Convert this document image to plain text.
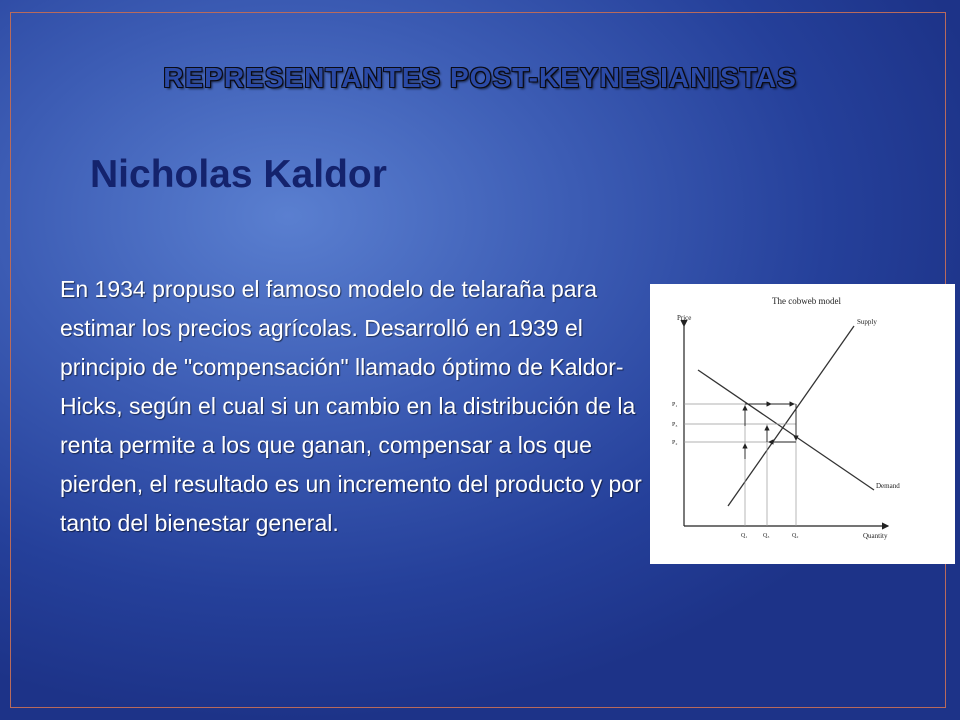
REPRESENTANTES POST-KEYNESIANISTAS
Nicholas Kaldor

En 1934 propuso el famoso modelo de telaraña para estimar los precios agrícolas. Desarrolló en 1939 el principio de "compensación" llamado óptimo de Kaldor-Hicks, según el cual si un cambio en la distribución de la renta permite a los que ganan, compensar a los que pierden, el resultado es un incremento del producto y por tanto del bienestar general.

The cobweb model
Price
Quantity
Supply
Demand
P₁
P₃
P₂
Q₁	Q₃	Q₂
